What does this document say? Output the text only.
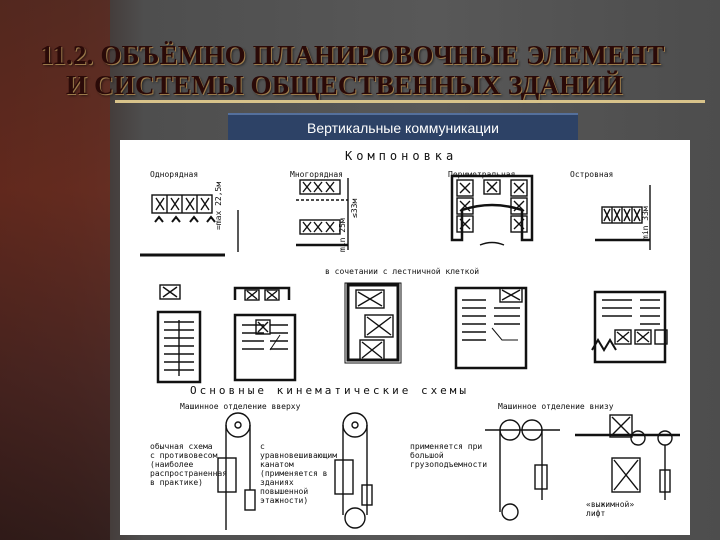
11.2. ОБЪЁМНО ПЛАНИРОВОЧНЫЕ ЭЛЕМЕНТ
И СИСТЕМЫ ОБЩЕСТВЕННЫХ ЗДАНИЙ
Вертикальные коммуникации
Компоновка
Однорядная	Многорядная	Периметральная	Островная
=max 22,5м	≤33м
min 25м	min 33м
в сочетании с лестничной клеткой
Основные кинематические схемы
Машинное отделение вверху	Машинное отделение внизу
обычная схема
с противовесом
(наиболее
распространенная
в практике)
с
уравновешивающим
канатом
(применяется в
зданиях
повышенной
этажности)
применяется при
большой
грузоподъемности
«выжимной»
лифт
